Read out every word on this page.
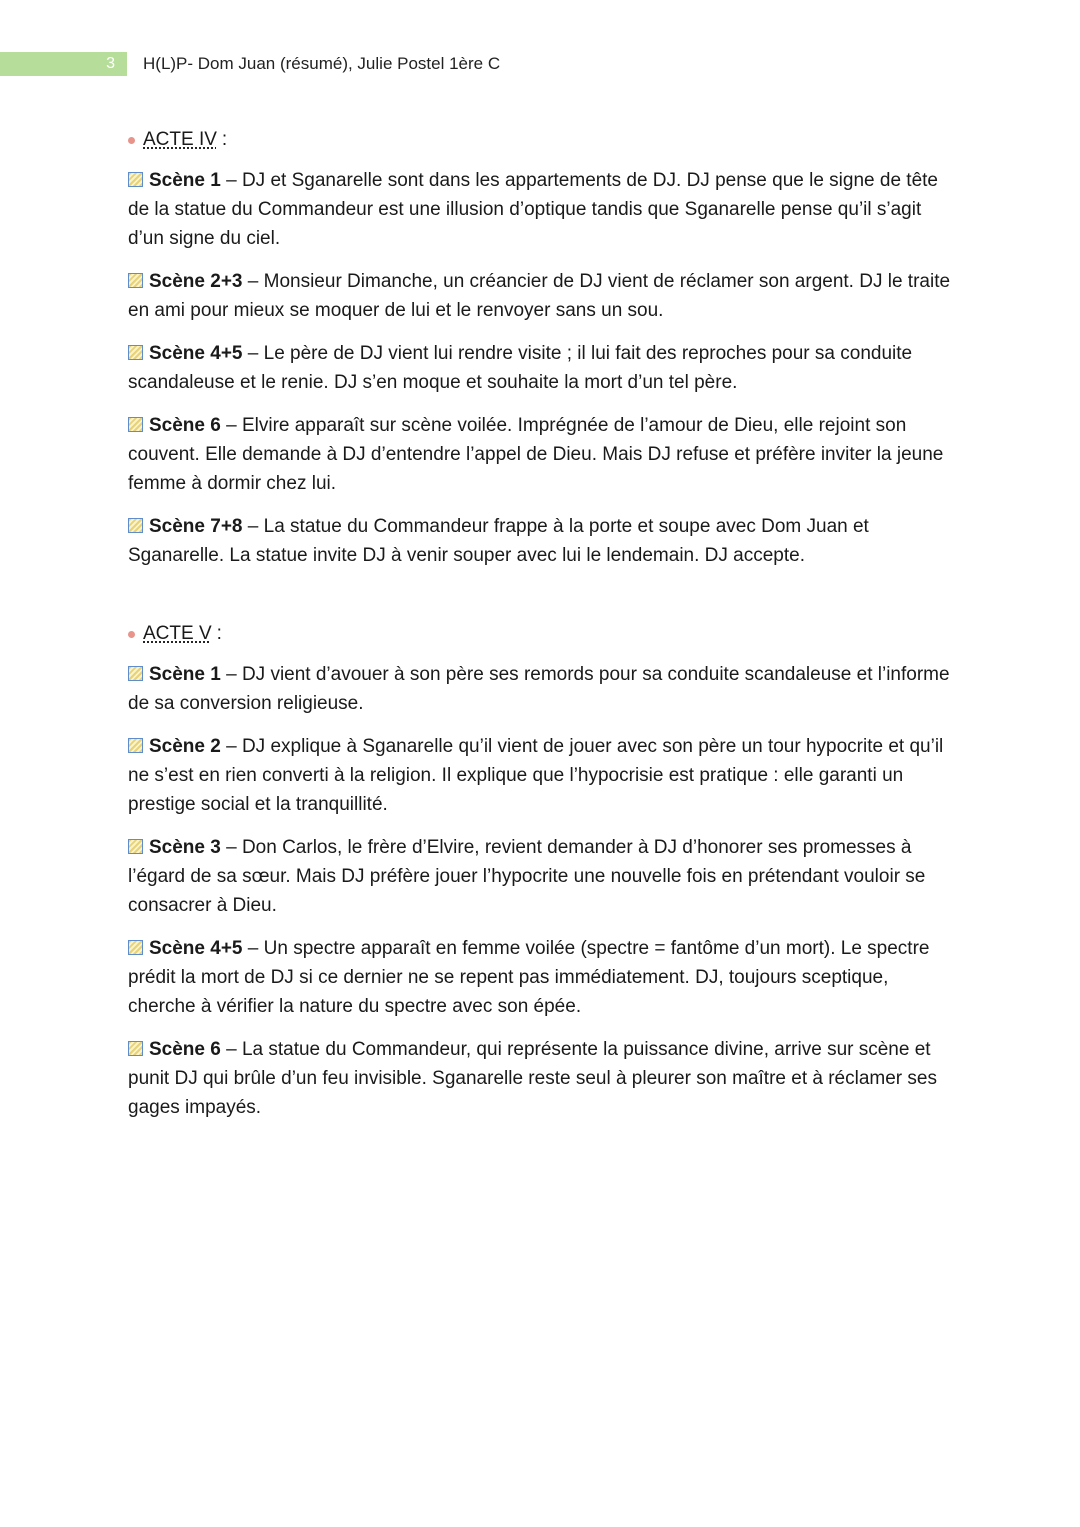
3 H(L)P- Dom Juan (résumé), Julie Postel 1ère C
ACTE IV :

Scène 1 – DJ et Sganarelle sont dans les appartements de DJ. DJ pense que le signe de tête de la statue du Commandeur est une illusion d’optique tandis que Sganarelle pense qu’il s’agit d’un signe du ciel.

Scène 2+3 – Monsieur Dimanche, un créancier de DJ vient de réclamer son argent. DJ le traite en ami pour mieux se moquer de lui et le renvoyer sans un sou.

Scène 4+5 – Le père de DJ vient lui rendre visite ; il lui fait des reproches pour sa conduite scandaleuse et le renie. DJ s’en moque et souhaite la mort d’un tel père.

Scène 6 – Elvire apparaît sur scène voilée. Imprégnée de l’amour de Dieu, elle rejoint son couvent. Elle demande à DJ d’entendre l’appel de Dieu. Mais DJ refuse et préfère inviter la jeune femme à dormir chez lui.

Scène 7+8 – La statue du Commandeur frappe à la porte et soupe avec Dom Juan et Sganarelle. La statue invite DJ à venir souper avec lui le lendemain. DJ accepte.

ACTE V :

Scène 1 – DJ vient d’avouer à son père ses remords pour sa conduite scandaleuse et l’informe de sa conversion religieuse.

Scène 2 – DJ explique à Sganarelle qu’il vient de jouer avec son père un tour hypocrite et qu’il ne s’est en rien converti à la religion. Il explique que l’hypocrisie est pratique : elle garanti un prestige social et la tranquillité.

Scène 3 – Don Carlos, le frère d’Elvire, revient demander à DJ d’honorer ses promesses à l’égard de sa sœur. Mais DJ préfère jouer l’hypocrite une nouvelle fois en prétendant vouloir se consacrer à Dieu.

Scène 4+5 – Un spectre apparaît en femme voilée (spectre = fantôme d’un mort). Le spectre prédit la mort de DJ si ce dernier ne se repent pas immédiatement. DJ, toujours sceptique, cherche à vérifier la nature du spectre avec son épée.

Scène 6 – La statue du Commandeur, qui représente la puissance divine, arrive sur scène et punit DJ qui brûle d’un feu invisible. Sganarelle reste seul à pleurer son maître et à réclamer ses gages impayés.
